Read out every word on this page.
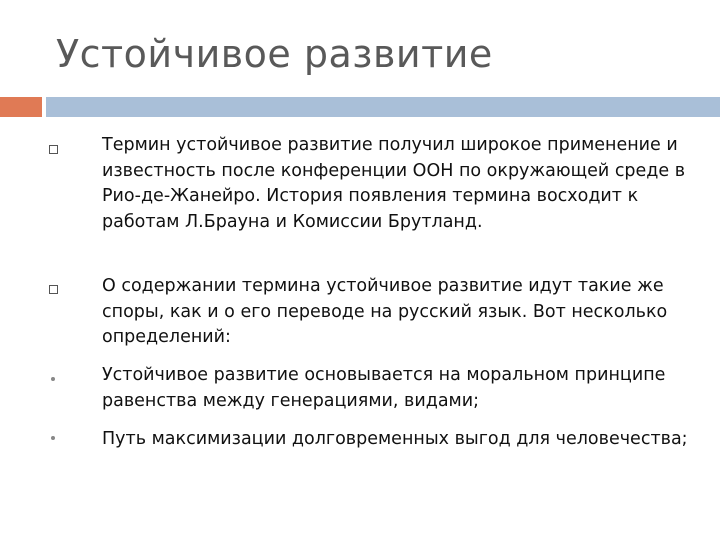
Устойчивое развитие
Термин устойчивое развитие получил широкое применение и известность после конференции ООН по окружающей среде в Рио-де-Жанейро. История появления термина восходит к работам Л.Брауна и Комиссии Брутланд.
О содержании термина устойчивое развитие идут такие же споры, как и о его переводе на русский язык. Вот несколько определений:
Устойчивое развитие основывается на моральном принципе равенства между генерациями, видами;
Путь максимизации долговременных выгод для человечества;
